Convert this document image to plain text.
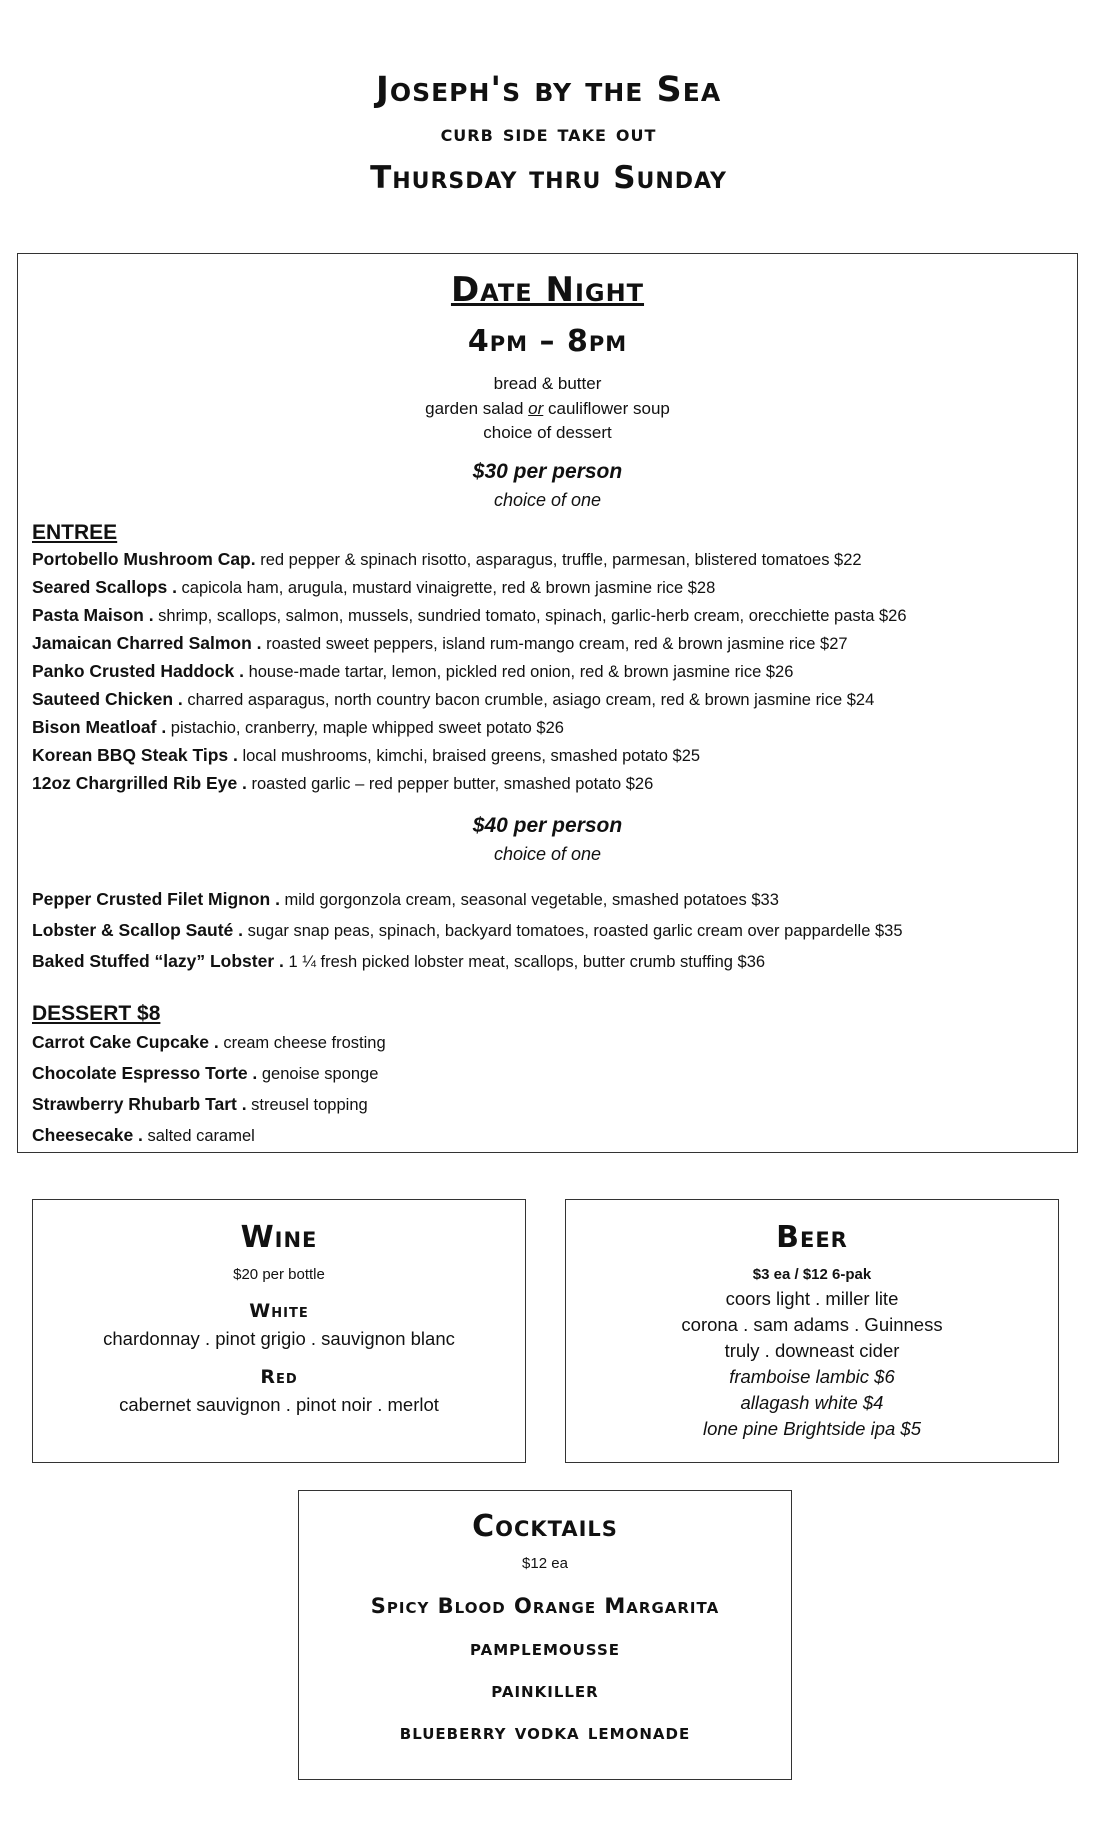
Joseph's by the Sea
curb side take out
Thursday thru Sunday
Date Night
4pm – 8pm
bread & butter
garden salad or cauliflower soup
choice of dessert
$30 per person
choice of one
ENTREE
Portobello Mushroom Cap. red pepper & spinach risotto, asparagus, truffle, parmesan, blistered tomatoes $22
Seared Scallops . capicola ham, arugula, mustard vinaigrette, red & brown jasmine rice $28
Pasta Maison . shrimp, scallops, salmon, mussels, sundried tomato, spinach, garlic-herb cream, orecchiette pasta $26
Jamaican Charred Salmon . roasted sweet peppers, island rum-mango cream, red & brown jasmine rice $27
Panko Crusted Haddock . house-made tartar, lemon, pickled red onion, red & brown jasmine rice $26
Sauteed Chicken . charred asparagus, north country bacon crumble, asiago cream, red & brown jasmine rice $24
Bison Meatloaf . pistachio, cranberry, maple whipped sweet potato $26
Korean BBQ Steak Tips . local mushrooms, kimchi, braised greens, smashed potato $25
12oz Chargrilled Rib Eye . roasted garlic – red pepper butter, smashed potato $26
$40 per person
choice of one
Pepper Crusted Filet Mignon . mild gorgonzola cream, seasonal vegetable, smashed potatoes $33
Lobster & Scallop Sauté . sugar snap peas, spinach, backyard tomatoes, roasted garlic cream over pappardelle $35
Baked Stuffed “lazy” Lobster . 1 ¼ fresh picked lobster meat, scallops, butter crumb stuffing $36
DESSERT $8
Carrot Cake Cupcake . cream cheese frosting
Chocolate Espresso Torte . genoise sponge
Strawberry Rhubarb Tart . streusel topping
Cheesecake . salted caramel
Wine
$20 per bottle
White
chardonnay . pinot grigio . sauvignon blanc
Red
cabernet sauvignon . pinot noir . merlot
Beer
$3 ea / $12 6-pak
coors light . miller lite
corona . sam adams . Guinness
truly . downeast cider
framboise lambic $6
allagash white $4
lone pine Brightside ipa $5
Cocktails
$12 ea
Spicy Blood Orange Margarita
pamplemousse
painkiller
blueberry vodka lemonade
